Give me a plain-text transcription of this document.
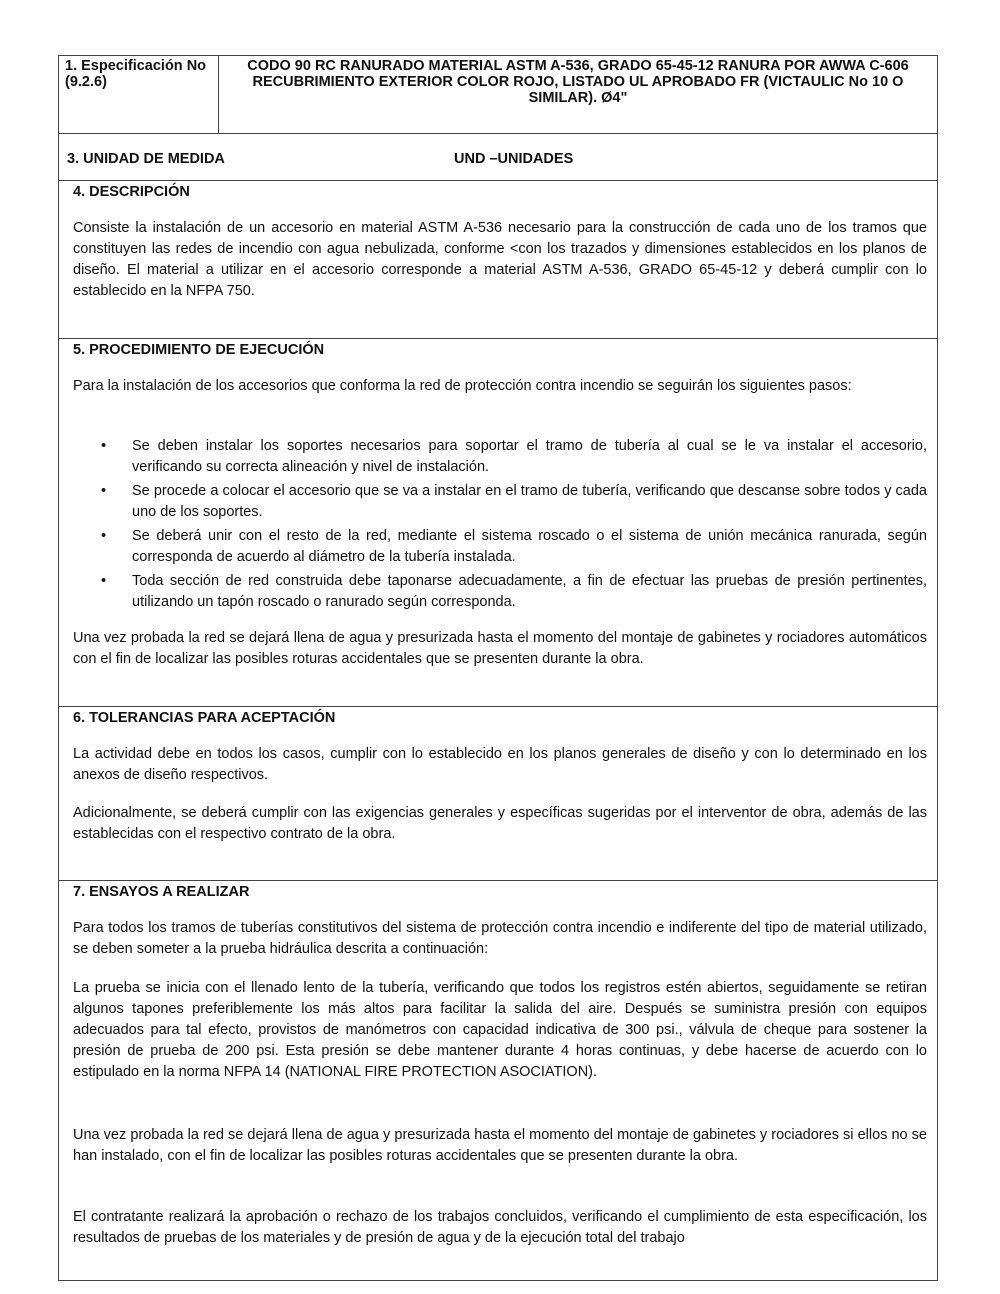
1. Especificación No (9.2.6)
CODO 90 RC RANURADO MATERIAL ASTM A-536, GRADO 65-45-12 RANURA POR AWWA C-606 RECUBRIMIENTO EXTERIOR COLOR ROJO, LISTADO UL APROBADO FR (VICTAULIC No 10 O SIMILAR). Ø4"
3. UNIDAD DE MEDIDA	UND –UNIDADES
4. DESCRIPCIÓN

Consiste la instalación de un accesorio en material ASTM A-536 necesario para la construcción de cada uno de los tramos que constituyen las redes de incendio con agua nebulizada, conforme <con los trazados y dimensiones establecidos en los planos de diseño. El material a utilizar en el accesorio corresponde a material ASTM A-536, GRADO 65-45-12 y deberá cumplir con lo establecido en la NFPA 750.

5. PROCEDIMIENTO DE EJECUCIÓN

Para la instalación de los accesorios que conforma la red de protección contra incendio se seguirán los siguientes pasos:

• Se deben instalar los soportes necesarios para soportar el tramo de tubería al cual se le va instalar el accesorio, verificando su correcta alineación y nivel de instalación.
• Se procede a colocar el accesorio que se va a instalar en el tramo de tubería, verificando que descanse sobre todos y cada uno de los soportes.
• Se deberá unir con el resto de la red, mediante el sistema roscado o el sistema de unión mecánica ranurada, según corresponda de acuerdo al diámetro de la tubería instalada.
• Toda sección de red construida debe taponarse adecuadamente, a fin de efectuar las pruebas de presión pertinentes, utilizando un tapón roscado o ranurado según corresponda.

Una vez probada la red se dejará llena de agua y presurizada hasta el momento del montaje de gabinetes y rociadores automáticos con el fin de localizar las posibles roturas accidentales que se presenten durante la obra.

6. TOLERANCIAS PARA ACEPTACIÓN

La actividad debe en todos los casos, cumplir con lo establecido en los planos generales de diseño y con lo determinado en los anexos de diseño respectivos.

Adicionalmente, se deberá cumplir con las exigencias generales y específicas sugeridas por el interventor de obra, además de las establecidas con el respectivo contrato de la obra.

7. ENSAYOS A REALIZAR

Para todos los tramos de tuberías constitutivos del sistema de protección contra incendio e indiferente del tipo de material utilizado, se deben someter a la prueba hidráulica descrita a continuación:

La prueba se inicia con el llenado lento de la tubería, verificando que todos los registros estén abiertos, seguidamente se retiran algunos tapones preferiblemente los más altos para facilitar la salida del aire. Después se suministra presión con equipos adecuados para tal efecto, provistos de manómetros con capacidad indicativa de 300 psi., válvula de cheque para sostener la presión de prueba de 200 psi. Esta presión se debe mantener durante 4 horas continuas, y debe hacerse de acuerdo con lo estipulado en la norma NFPA 14 (NATIONAL FIRE PROTECTION ASOCIATION).

Una vez probada la red se dejará llena de agua y presurizada hasta el momento del montaje de gabinetes y rociadores si ellos no se han instalado, con el fin de localizar las posibles roturas accidentales que se presenten durante la obra.

El contratante realizará la aprobación o rechazo de los trabajos concluidos, verificando el cumplimiento de esta especificación, los resultados de pruebas de los materiales y de presión de agua y de la ejecución total del trabajo
